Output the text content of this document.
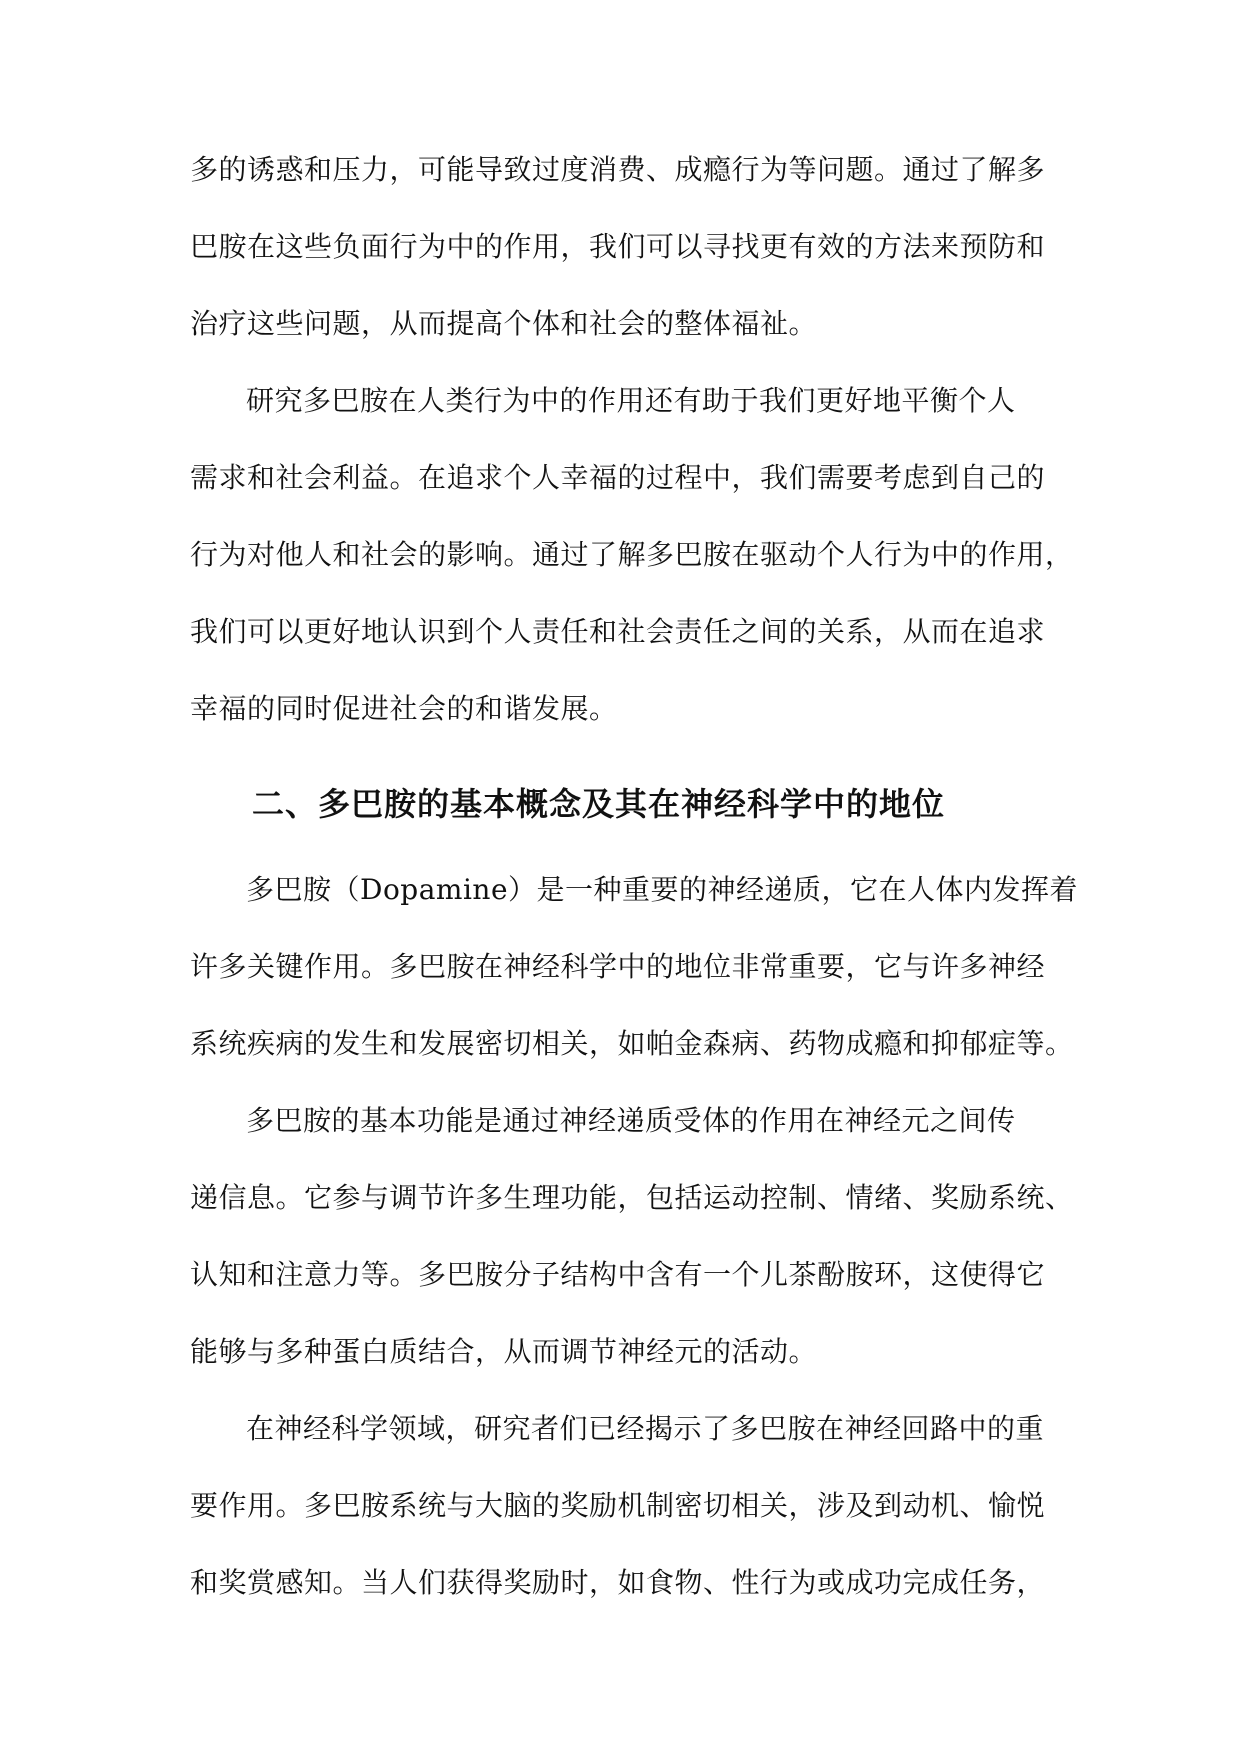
多的诱惑和压力，可能导致过度消费、成瘾行为等问题。通过了解多
巴胺在这些负面行为中的作用，我们可以寻找更有效的方法来预防和
治疗这些问题，从而提高个体和社会的整体福祉。
研究多巴胺在人类行为中的作用还有助于我们更好地平衡个人
需求和社会利益。在追求个人幸福的过程中，我们需要考虑到自己的
行为对他人和社会的影响。通过了解多巴胺在驱动个人行为中的作用，
我们可以更好地认识到个人责任和社会责任之间的关系，从而在追求
幸福的同时促进社会的和谐发展。
二、多巴胺的基本概念及其在神经科学中的地位
多巴胺（Dopamine）是一种重要的神经递质，它在人体内发挥着
许多关键作用。多巴胺在神经科学中的地位非常重要，它与许多神经
系统疾病的发生和发展密切相关，如帕金森病、药物成瘾和抑郁症等。
多巴胺的基本功能是通过神经递质受体的作用在神经元之间传
递信息。它参与调节许多生理功能，包括运动控制、情绪、奖励系统、
认知和注意力等。多巴胺分子结构中含有一个儿茶酚胺环，这使得它
能够与多种蛋白质结合，从而调节神经元的活动。
在神经科学领域，研究者们已经揭示了多巴胺在神经回路中的重
要作用。多巴胺系统与大脑的奖励机制密切相关，涉及到动机、愉悦
和奖赏感知。当人们获得奖励时，如食物、性行为或成功完成任务，
